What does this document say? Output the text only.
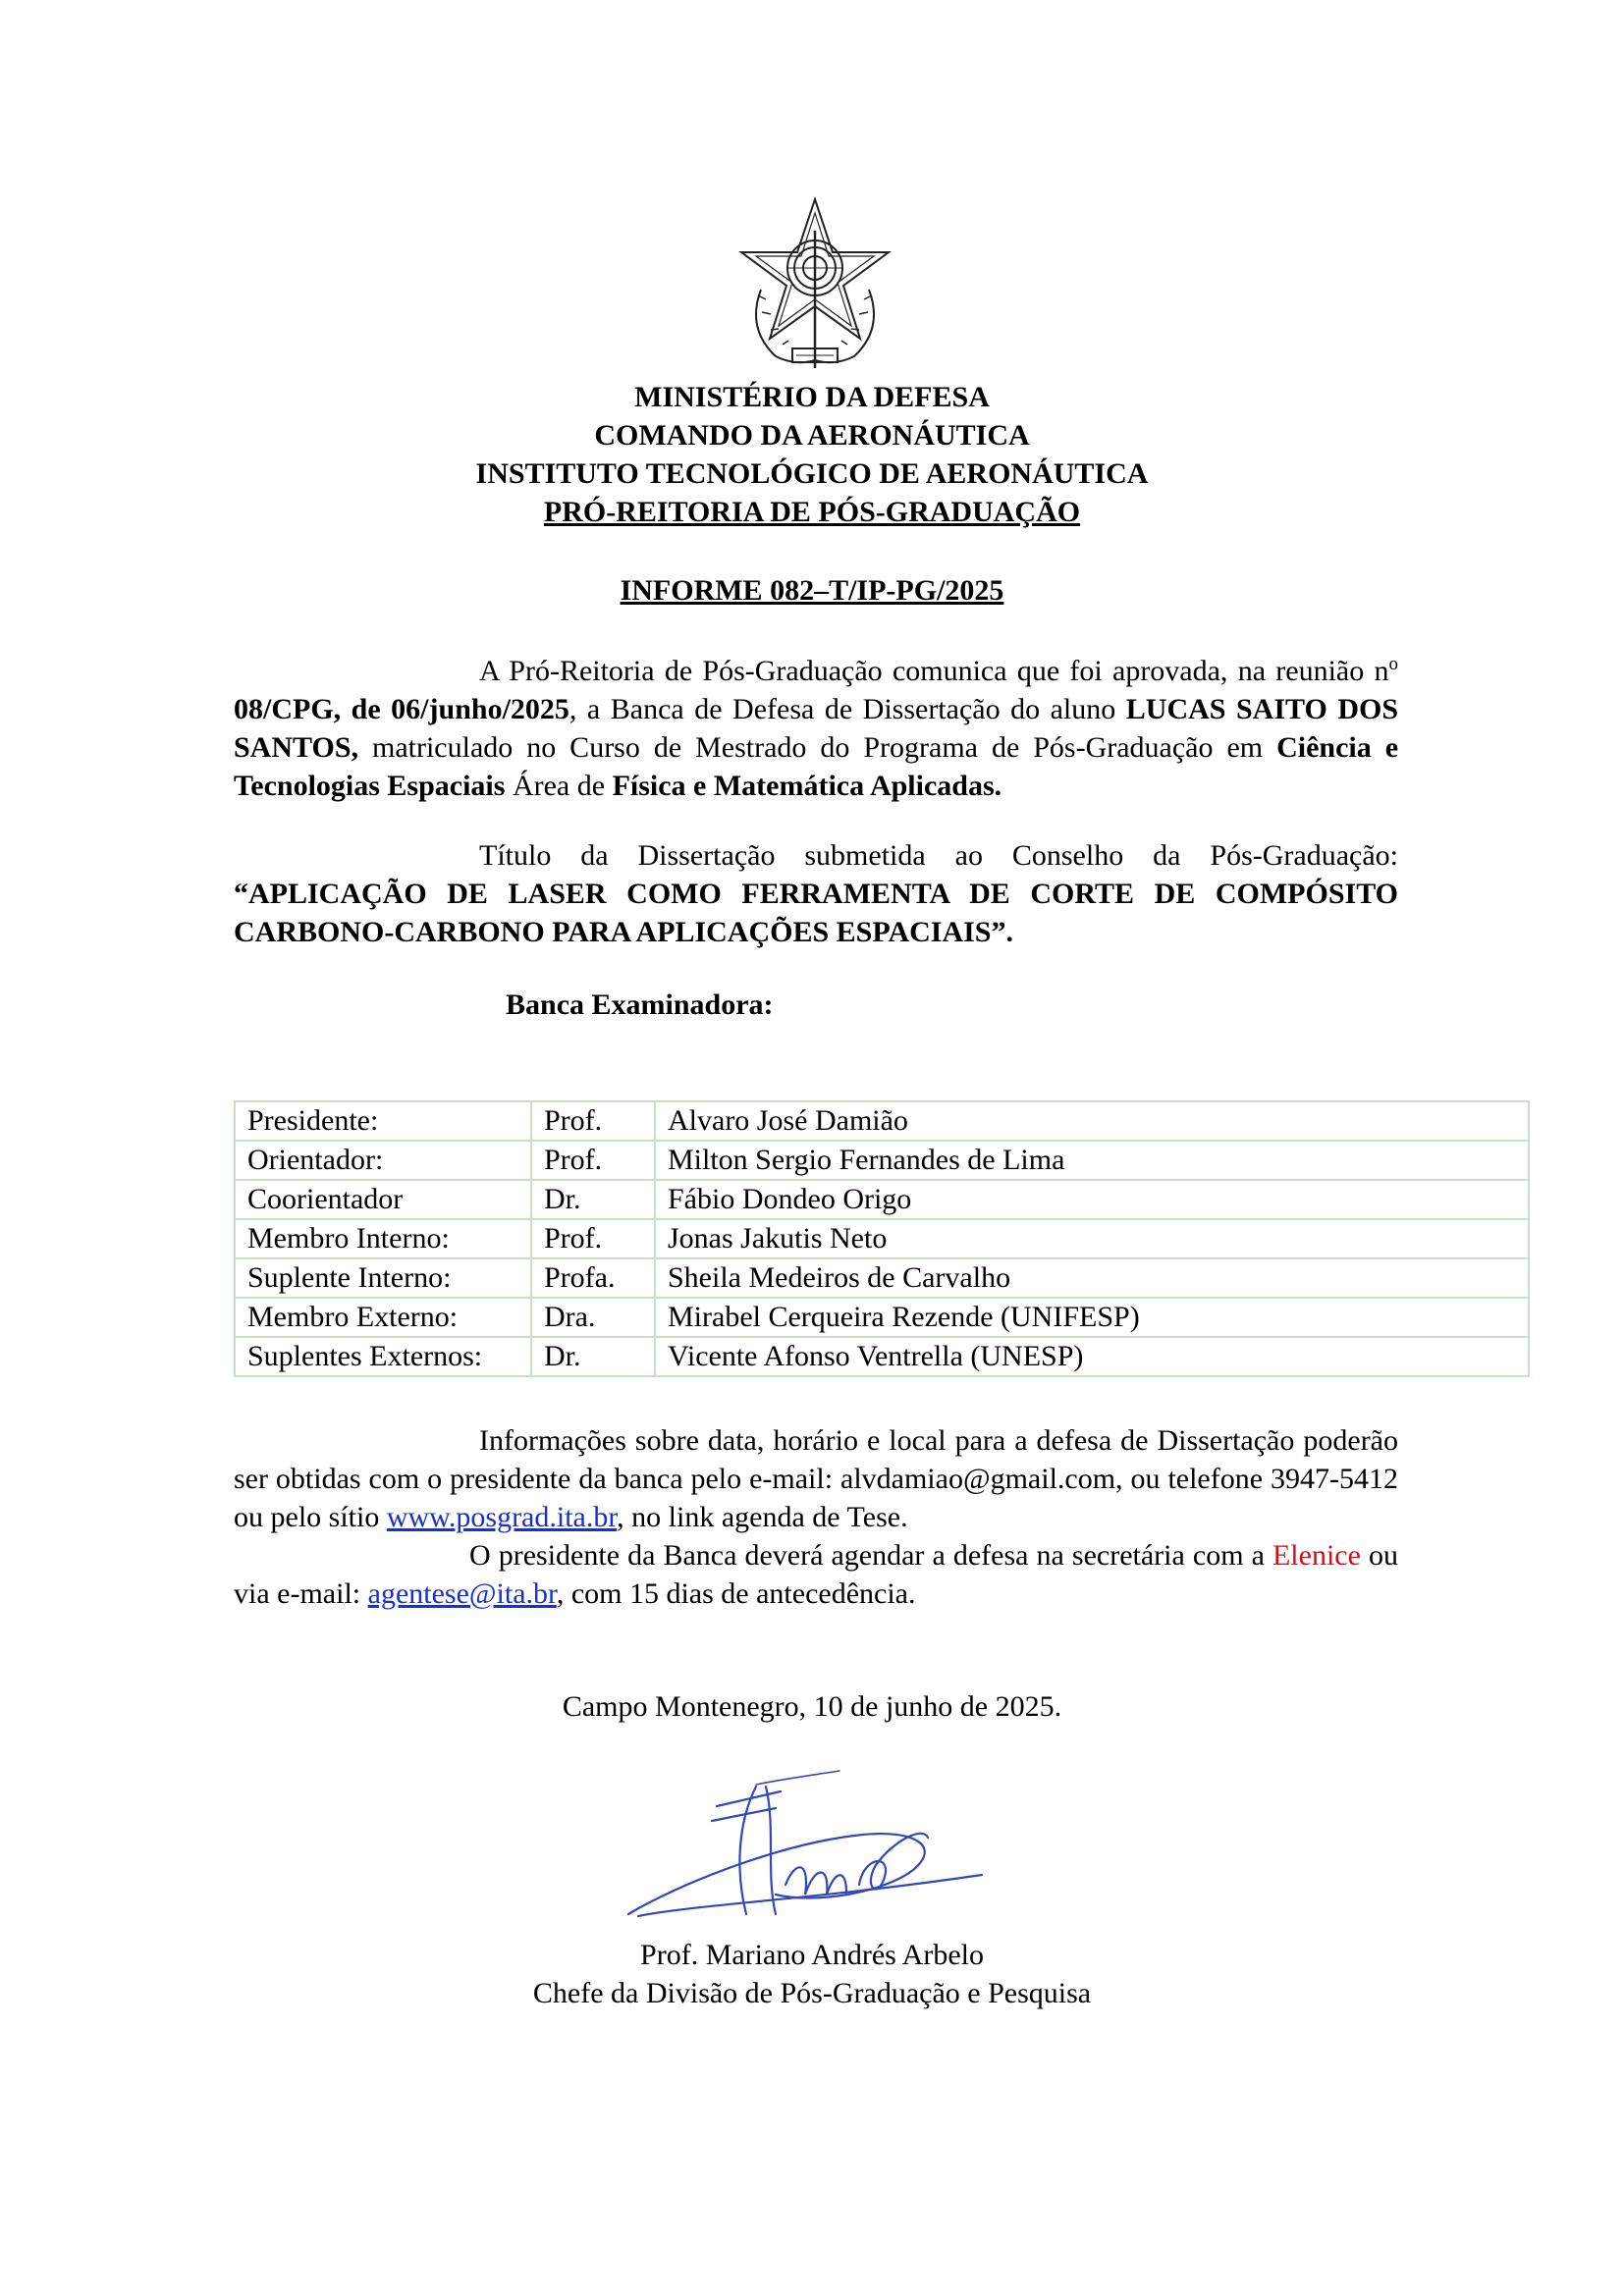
MINISTÉRIO DA DEFESA
COMANDO DA AERONÁUTICA
INSTITUTO TECNOLÓGICO DE AERONÁUTICA
PRÓ-REITORIA DE PÓS-GRADUAÇÃO
INFORME 082–T/IP-PG/2025
A Pró-Reitoria de Pós-Graduação comunica que foi aprovada, na reunião $n^o$ 08/CPG, de 06/junho/2025, a Banca de Defesa de Dissertação do aluno LUCAS SAITO DOS SANTOS, matriculado no Curso de Mestrado do Programa de Pós-Graduação em Ciência e Tecnologias Espaciais Área de Física e Matemática Aplicadas.
Título da Dissertação submetida ao Conselho da Pós-Graduação: “APLICAÇÃO DE LASER COMO FERRAMENTA DE CORTE DE COMPÓSITO CARBONO-CARBONO PARA APLICAÇÕES ESPACIAIS”.
Banca Examinadora:
Presidente:	Prof.	Alvaro José Damião
Orientador:	Prof.	Milton Sergio Fernandes de Lima
Coorientador	Dr.	Fábio Dondeo Origo
Membro Interno:	Prof.	Jonas Jakutis Neto
Suplente Interno:	Profa.	Sheila Medeiros de Carvalho
Membro Externo:	Dra.	Mirabel Cerqueira Rezende (UNIFESP)
Suplentes Externos:	Dr.	Vicente Afonso Ventrella (UNESP)
Informações sobre data, horário e local para a defesa de Dissertação poderão ser obtidas com o presidente da banca pelo e-mail: alvdamiao@gmail.com, ou telefone 3947-5412 ou pelo sítio www.posgrad.ita.br, no link agenda de Tese.
O presidente da Banca deverá agendar a defesa na secretária com a Elenice ou via e-mail: agentese@ita.br, com 15 dias de antecedência.
Campo Montenegro, 10 de junho de 2025.
Prof. Mariano Andrés Arbelo
Chefe da Divisão de Pós-Graduação e Pesquisa
